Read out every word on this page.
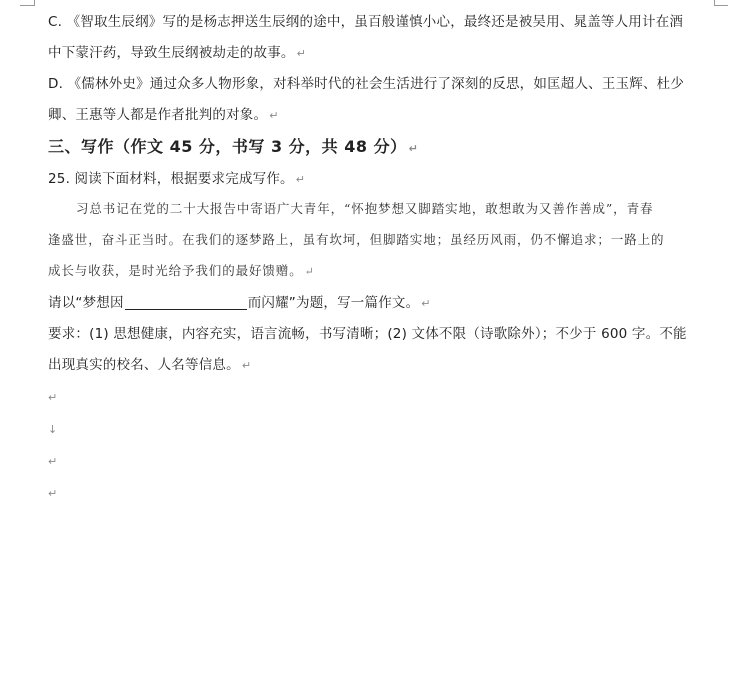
C. 《智取生辰纲》写的是杨志押送生辰纲的途中，虽百般谨慎小心，最终还是被吴用、晁盖等人用计在酒
中下蒙汗药，导致生辰纲被劫走的故事。 ↵
D. 《儒林外史》通过众多人物形象，对科举时代的社会生活进行了深刻的反思，如匡超人、王玉辉、杜少
卿、王惠等人都是作者批判的对象。 ↵
三、写作（作文 45 分，书写 3 分，共 48 分） ↵
25. 阅读下面材料，根据要求完成写作。 ↵
习总书记在党的二十大报告中寄语广大青年，“怀抱梦想又脚踏实地，敢想敢为又善作善成”，青春
逢盛世，奋斗正当时。在我们的逐梦路上，虽有坎坷，但脚踏实地；虽经历风雨，仍不懈追求；一路上的
成长与收获，是时光给予我们的最好馈赠。 ↵
请以“梦想因	而闪耀”为题，写一篇作文。 ↵
要求：(1) 思想健康，内容充实，语言流畅，书写清晰；(2) 文体不限（诗歌除外）；不少于 600 字。不能
出现真实的校名、人名等信息。 ↵
↵
↓
↵
↵
